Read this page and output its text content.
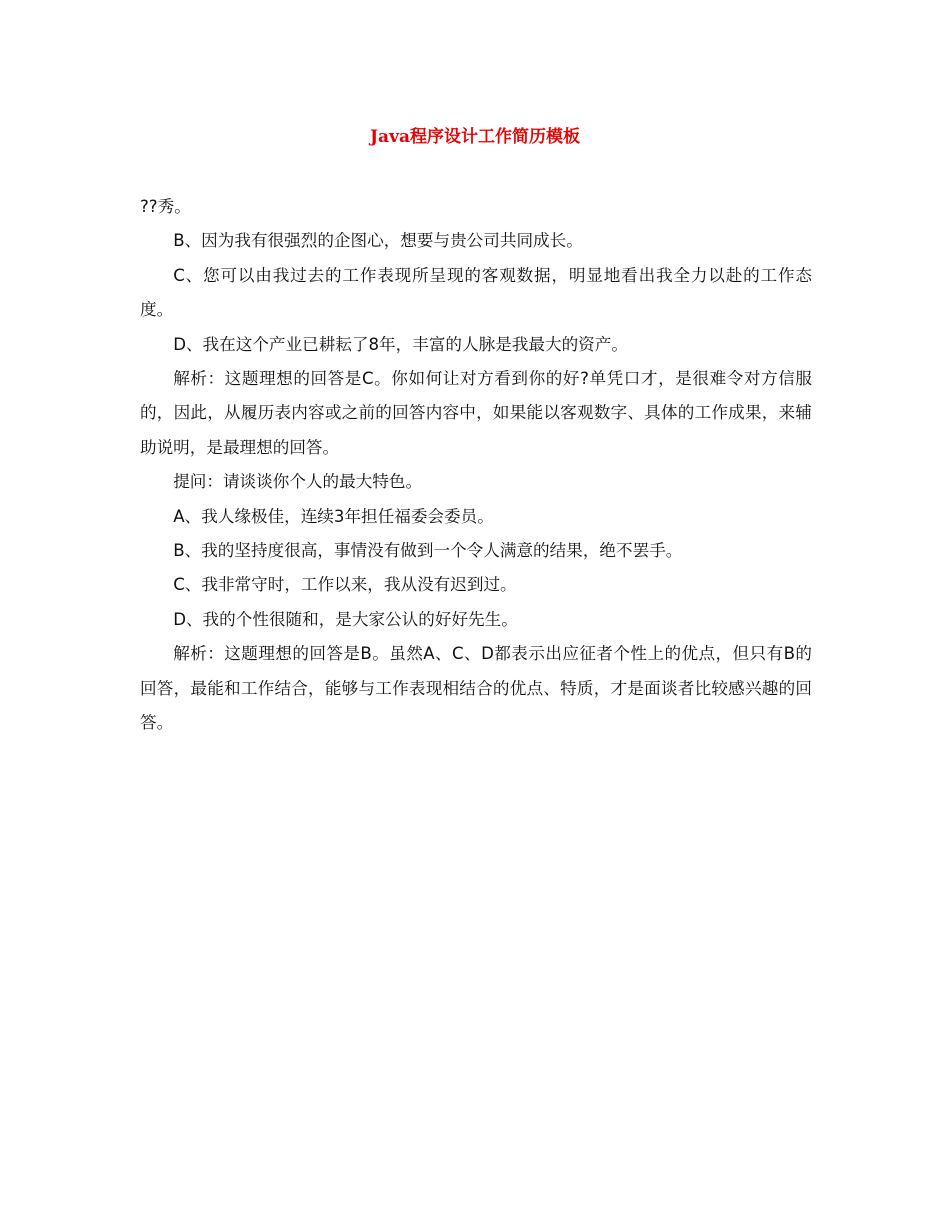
Java程序设计工作简历模板

??秀。

B、因为我有很强烈的企图心，想要与贵公司共同成长。

C、您可以由我过去的工作表现所呈现的客观数据，明显地看出我全力以赴的工作态度。

D、我在这个产业已耕耘了8年，丰富的人脉是我最大的资产。

解析：这题理想的回答是C。你如何让对方看到你的好?单凭口才，是很难令对方信服的，因此，从履历表内容或之前的回答内容中，如果能以客观数字、具体的工作成果，来辅助说明，是最理想的回答。

提问：请谈谈你个人的最大特色。

A、我人缘极佳，连续3年担任福委会委员。

B、我的坚持度很高，事情没有做到一个令人满意的结果，绝不罢手。

C、我非常守时，工作以来，我从没有迟到过。

D、我的个性很随和，是大家公认的好好先生。

解析：这题理想的回答是B。虽然A、C、D都表示出应征者个性上的优点，但只有B的回答，最能和工作结合，能够与工作表现相结合的优点、特质，才是面谈者比较感兴趣的回答。
